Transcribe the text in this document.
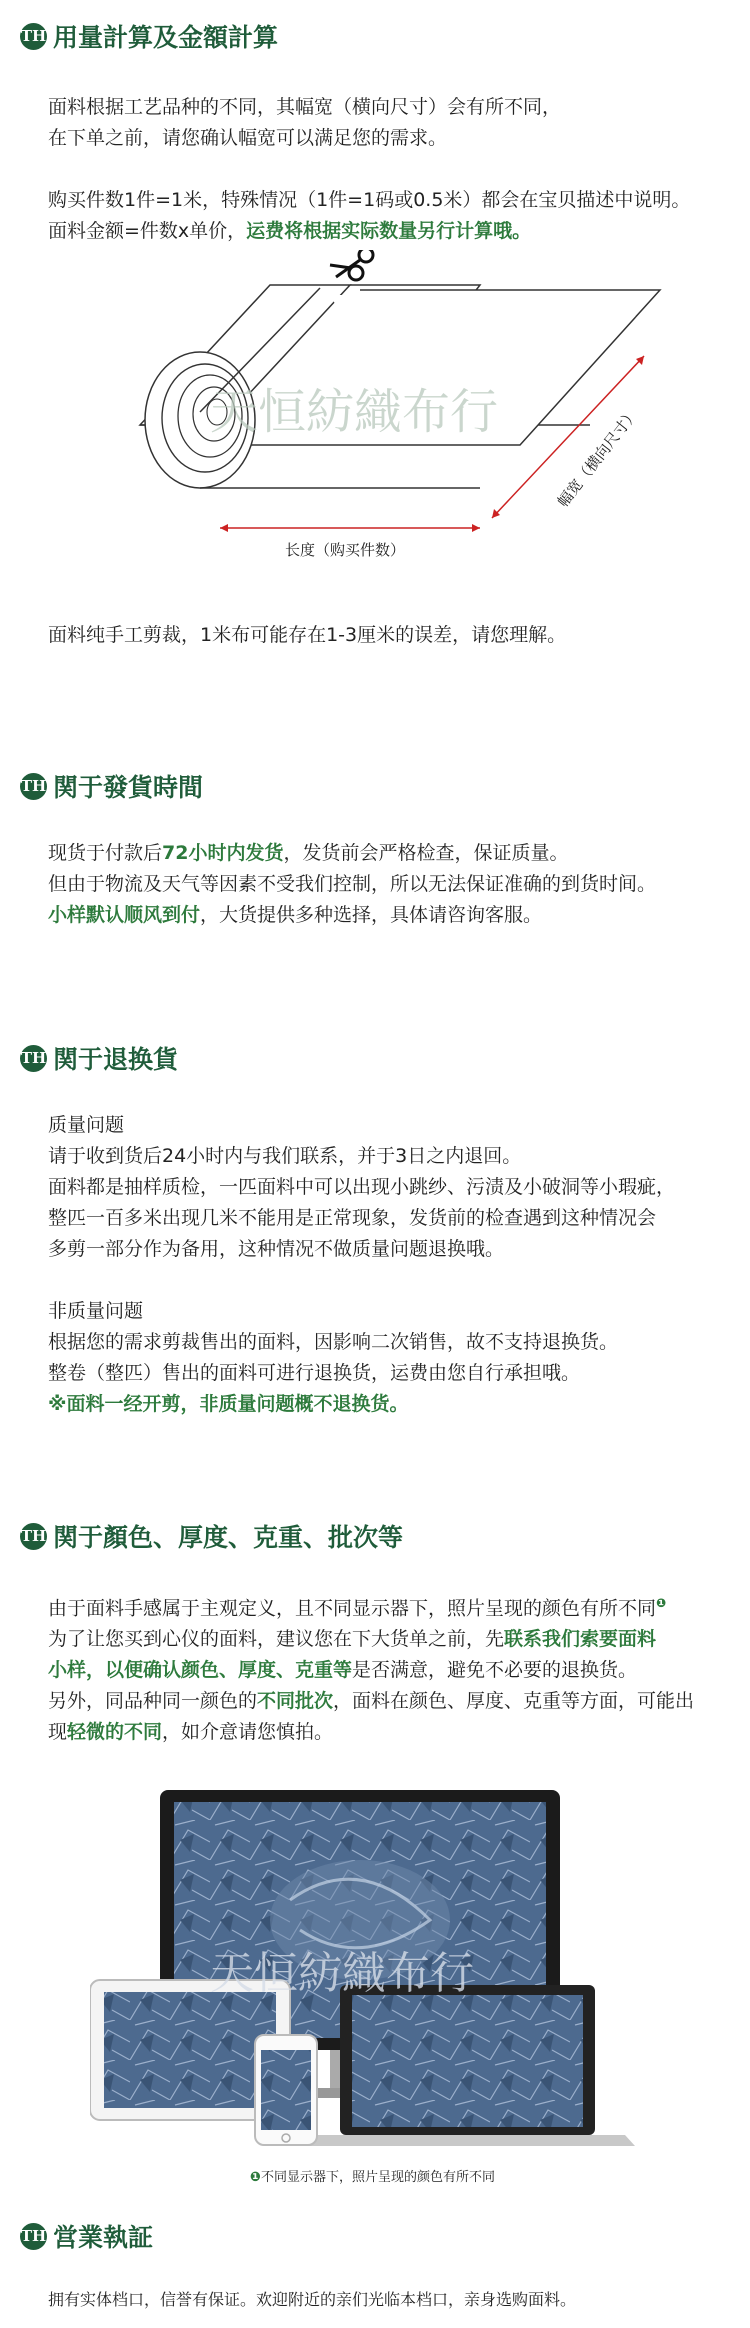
TH 用量計算及金額計算

面料根据工艺品种的不同，其幅宽（横向尺寸）会有所不同，

在下单之前，请您确认幅宽可以满足您的需求。

购买件数1件=1米，特殊情况（1件=1码或0.5米）都会在宝贝描述中说明。

面料金额=件数x单价，运费将根据实际数量另行计算哦。

天恒紡織布行
长度（购买件数）
幅宽（横向尺寸）

面料纯手工剪裁，1米布可能存在1-3厘米的误差，请您理解。

TH 関于發貨時間

现货于付款后72小时内发货，发货前会严格检查，保证质量。

但由于物流及天气等因素不受我们控制，所以无法保证准确的到货时间。

小样默认顺风到付，大货提供多种选择，具体请咨询客服。

TH 関于退换貨

质量问题

请于收到货后24小时内与我们联系，并于3日之内退回。

面料都是抽样质检，一匹面料中可以出现小跳纱、污渍及小破洞等小瑕疵，

整匹一百多米出现几米不能用是正常现象，发货前的检查遇到这种情况会

多剪一部分作为备用，这种情况不做质量问题退换哦。

非质量问题

根据您的需求剪裁售出的面料，因影响二次销售，故不支持退换货。

整卷（整匹）售出的面料可进行退换货，运费由您自行承担哦。

※面料一经开剪，非质量问题概不退换货。

TH 関于顏色、厚度、克重、批次等

由于面料手感属于主观定义，且不同显示器下，照片呈现的颜色有所不同$^❶$

为了让您买到心仪的面料，建议您在下大货单之前，先联系我们索要面料

小样，以便确认颜色、厚度、克重等是否满意，避免不必要的退换货。

另外，同品种同一颜色的不同批次，面料在颜色、厚度、克重等方面，可能出

现轻微的不同，如介意请您慎拍。

天恒紡織布行
❶不同显示器下，照片呈现的颜色有所不同
TH 営業執証

拥有实体档口，信誉有保证。欢迎附近的亲们光临本档口，亲身选购面料。
